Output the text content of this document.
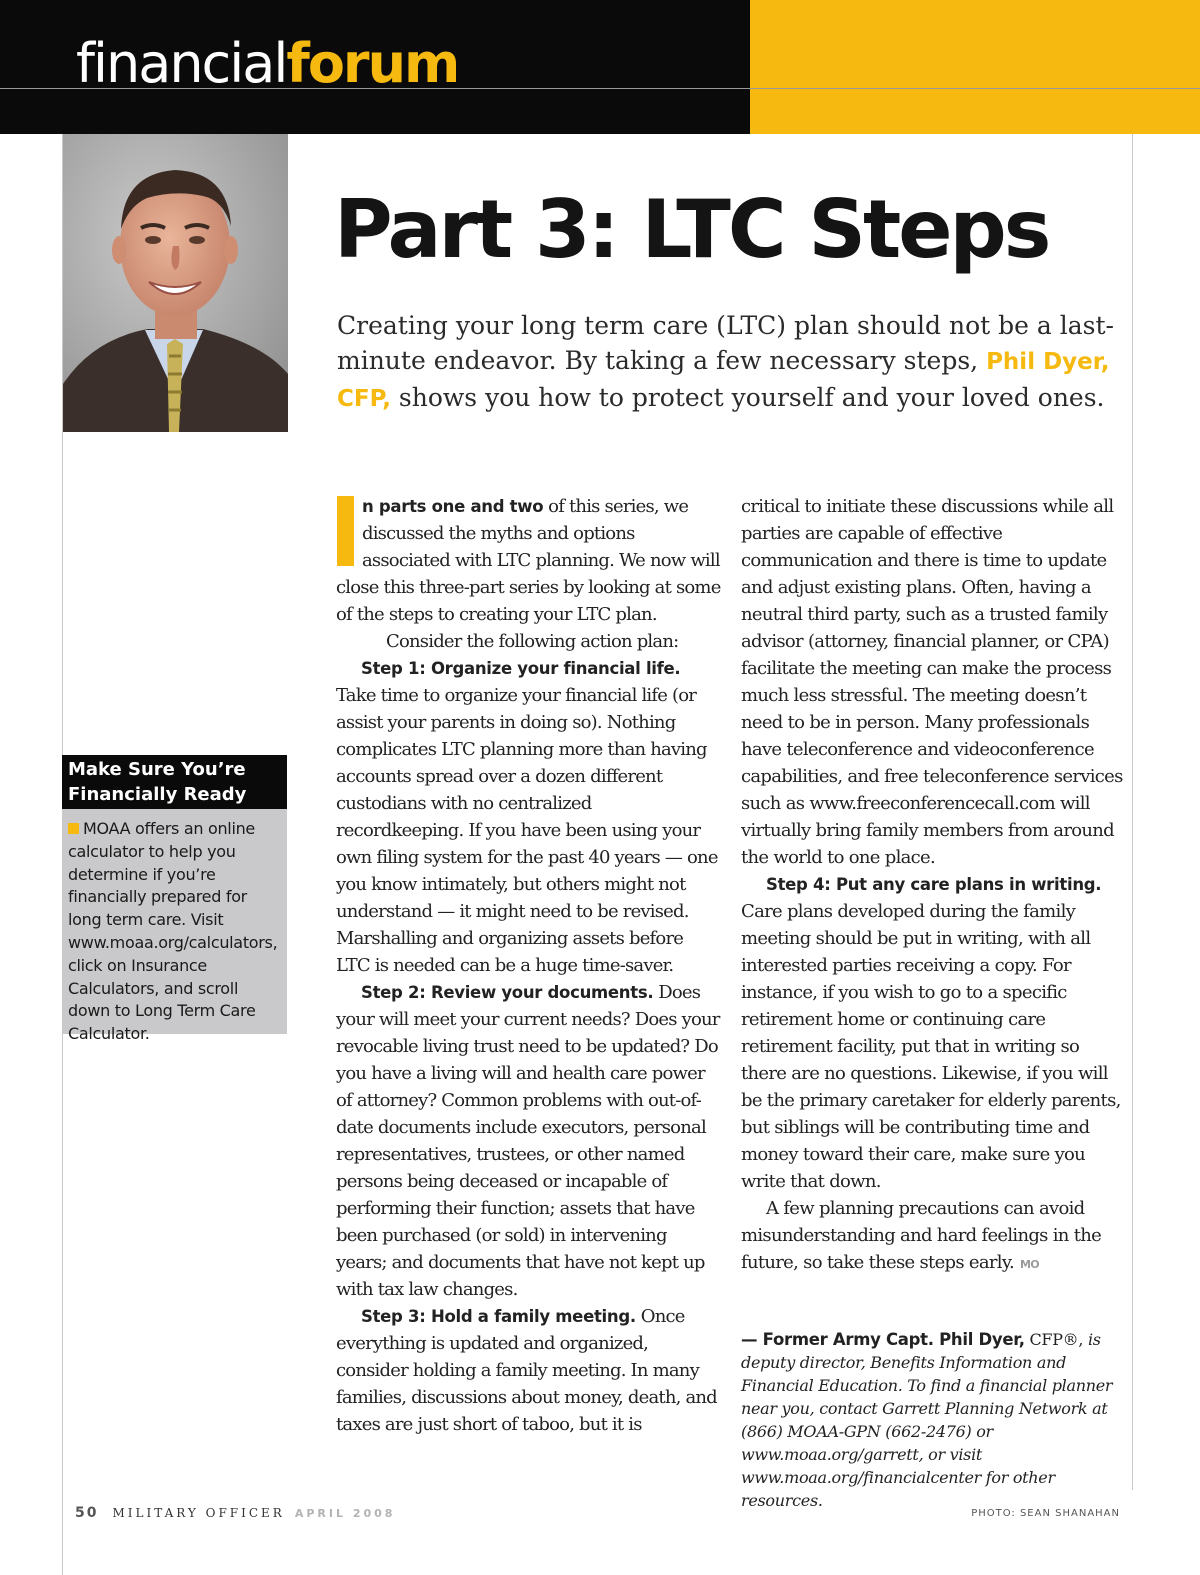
financialforum
Part 3: LTC Steps
Creating your long term care (LTC) plan should not be a last-minute endeavor. By taking a few necessary steps, Phil Dyer, CFP, shows you how to protect yourself and your loved ones.
Make Sure You’re Financially Ready
MOAA offers an online calculator to help you determine if you’re financially prepared for long term care. Visit www.moaa.org/calculators, click on Insurance Calculators, and scroll down to Long Term Care Calculator.
n parts one and two of this series, we discussed the myths and options associated with LTC planning. We now will close this three-part series by looking at some of the steps to creating your LTC plan.
Consider the following action plan:
Step 1: Organize your financial life. Take time to organize your financial life (or assist your parents in doing so). Nothing complicates LTC planning more than having accounts spread over a dozen different custodians with no centralized recordkeeping. If you have been using your own filing system for the past 40 years — one you know intimately, but others might not understand — it might need to be revised. Marshalling and organizing assets before LTC is needed can be a huge time-saver.
Step 2: Review your documents. Does your will meet your current needs? Does your revocable living trust need to be updated? Do you have a living will and health care power of attorney? Common problems with out-of-date documents include executors, personal representatives, trustees, or other named persons being deceased or incapable of performing their function; assets that have been purchased (or sold) in intervening years; and documents that have not kept up with tax law changes.
Step 3: Hold a family meeting. Once everything is updated and organized, consider holding a family meeting. In many families, discussions about money, death, and taxes are just short of taboo, but it is
critical to initiate these discussions while all parties are capable of effective communication and there is time to update and adjust existing plans. Often, having a neutral third party, such as a trusted family advisor (attorney, financial planner, or CPA) facilitate the meeting can make the process much less stressful. The meeting doesn’t need to be in person. Many professionals have teleconference and videoconference capabilities, and free teleconference services such as www.freeconferencecall.com will virtually bring family members from around the world to one place.
Step 4: Put any care plans in writing. Care plans developed during the family meeting should be put in writing, with all interested parties receiving a copy. For instance, if you wish to go to a specific retirement home or continuing care retirement facility, put that in writing so there are no questions. Likewise, if you will be the primary caretaker for elderly parents, but siblings will be contributing time and money toward their care, make sure you write that down.
A few planning precautions can avoid misunderstanding and hard feelings in the future, so take these steps early. MO
— Former Army Capt. Phil Dyer, CFP®, is deputy director, Benefits Information and Financial Education. To find a financial planner near you, contact Garrett Planning Network at (866) MOAA-GPN (662-2476) or www.moaa.org/garrett, or visit www.moaa.org/financialcenter for other resources.
50 MILITARY OFFICER APRIL 2008	PHOTO: SEAN SHANAHAN
